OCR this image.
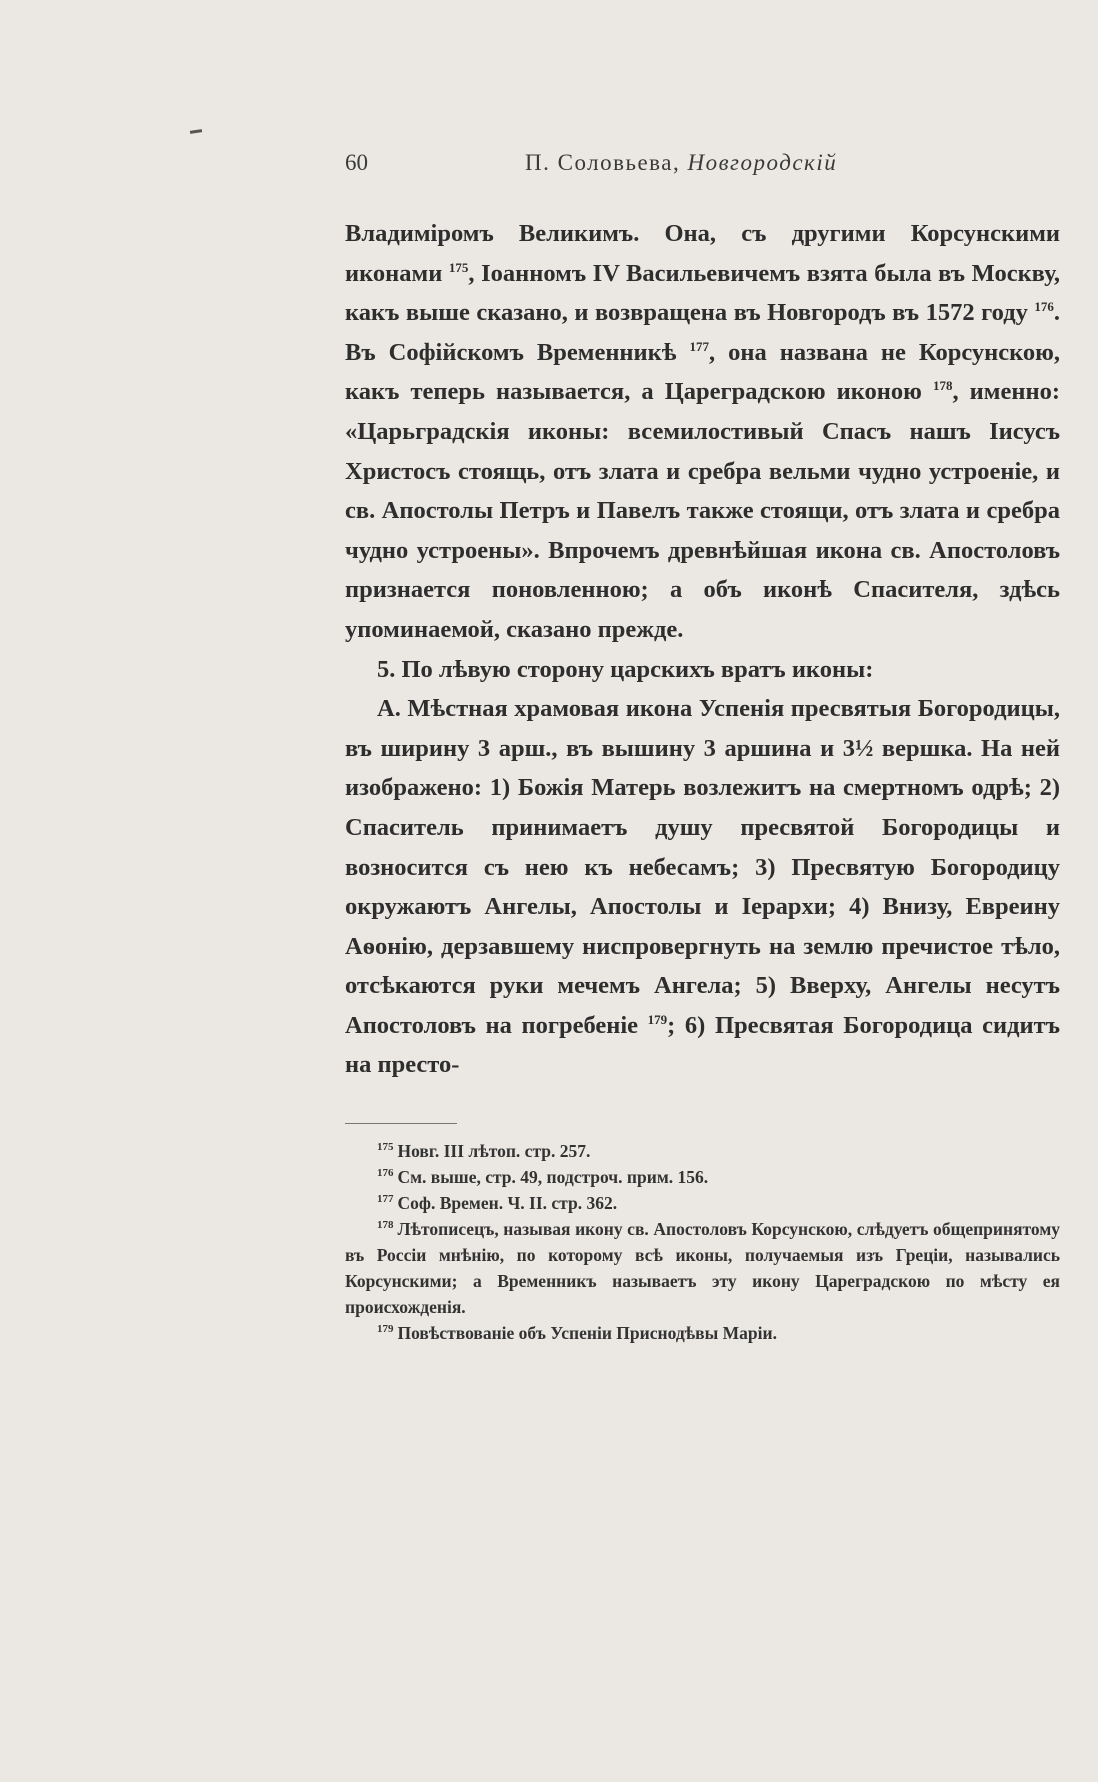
60	П. Соловьева, Новгородскій

Владиміромъ Великимъ. Она, съ другими Корсунскими иконами $^{175}$, Іоанномъ IV Васильевичемъ взята была въ Москву, какъ выше сказано, и возвращена въ Новгородъ въ 1572 году $^{176}$. Въ Софійскомъ Временникѣ $^{177}$, она названа не Корсунскою, какъ теперь называется, а Цареградскою иконою $^{178}$, именно: «Царьградскія иконы: всемилостивый Спасъ нашъ Іисусъ Христосъ стоящь, отъ злата и сребра вельми чудно устроеніе, и св. Апостолы Петръ и Павелъ также стоящи, отъ злата и сребра чудно устроены». Впрочемъ древнѣйшая икона св. Апостоловъ признается поновленною; а объ иконѣ Спасителя, здѣсь упоминаемой, сказано прежде.

5. По лѣвую сторону царскихъ вратъ иконы:

А. Мѣстная храмовая икона Успенія пресвятыя Богородицы, въ ширину 3 арш., въ вышину 3 аршина и 3½ вершка. На ней изображено: 1) Божія Матерь возлежитъ на смертномъ одрѣ; 2) Спаситель принимаетъ душу пресвятой Богородицы и возносится съ нею къ небесамъ; 3) Пресвятую Богородицу окружаютъ Ангелы, Апостолы и Іерархи; 4) Внизу, Евреину Аѳонію, дерзавшему ниспровергнуть на землю пречистое тѣло, отсѣкаются руки мечемъ Ангела; 5) Вверху, Ангелы несутъ Апостоловъ на погребеніе $^{179}$; 6) Пресвятая Богородица сидитъ на престо-

$^{175}$ Новг. III лѣтоп. стр. 257.
$^{176}$ См. выше, стр. 49, подстроч. прим. 156.
$^{177}$ Соф. Времен. Ч. II. стр. 362.
$^{178}$ Лѣтописецъ, называя икону св. Апостоловъ Корсунскою, слѣдуетъ общепринятому въ Россіи мнѣнію, по которому всѣ иконы, получаемыя изъ Греціи, назывались Корсунскими; а Временникъ называетъ эту икону Цареградскою по мѣсту ея происхожденія.
$^{179}$ Повѣствованіе объ Успеніи Приснодѣвы Маріи.
